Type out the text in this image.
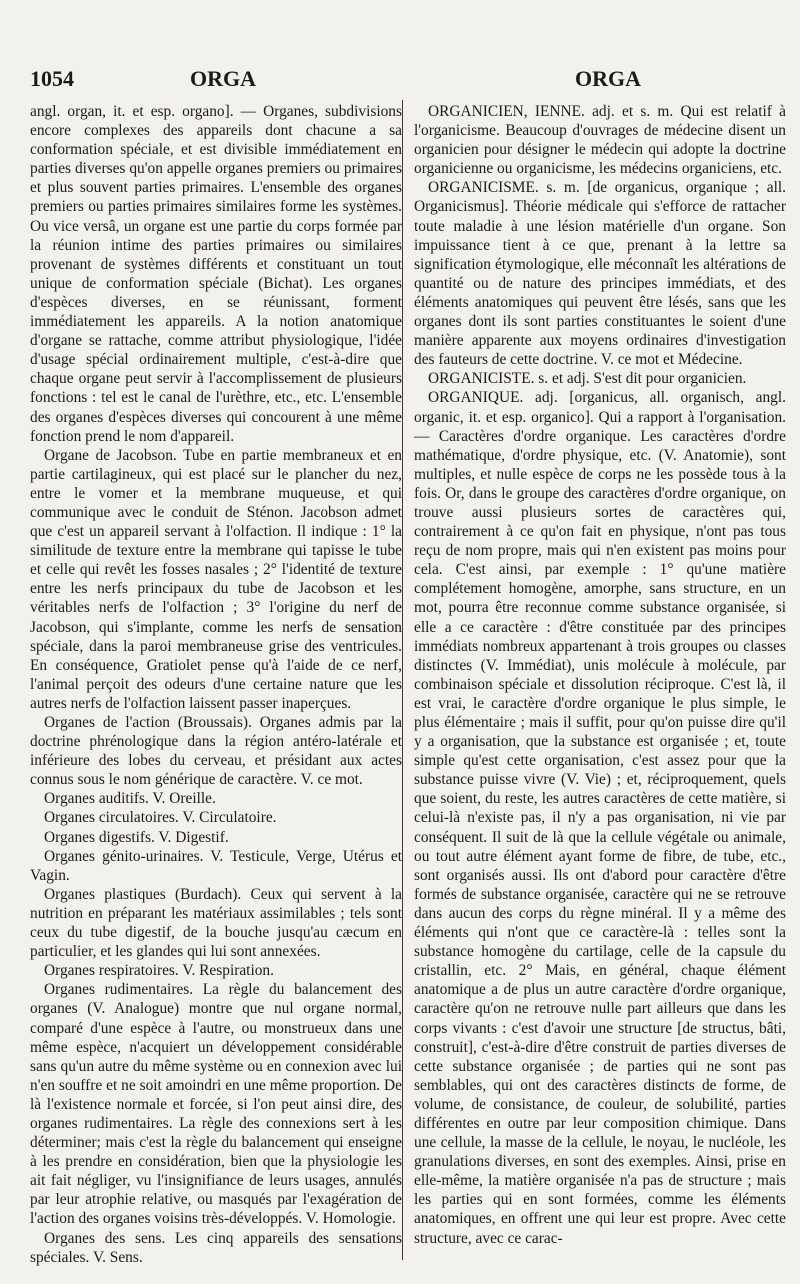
1054	ORGA	ORGA

angl. organ, it. et esp. organo]. — Organes, subdivisions encore complexes des appareils dont chacune a sa conformation spéciale, et est divisible immédiatement en parties diverses qu'on appelle organes premiers ou primaires et plus souvent parties primaires. L'ensemble des organes premiers ou parties primaires similaires forme les systèmes. Ou vice versâ, un organe est une partie du corps formée par la réunion intime des parties primaires ou similaires provenant de systèmes différents et constituant un tout unique de conformation spéciale (Bichat). Les organes d'espèces diverses, en se réunissant, forment immédiatement les appareils. A la notion anatomique d'organe se rattache, comme attribut physiologique, l'idée d'usage spécial ordinairement multiple, c'est-à-dire que chaque organe peut servir à l'accomplissement de plusieurs fonctions : tel est le canal de l'urèthre, etc., etc. L'ensemble des organes d'espèces diverses qui concourent à une même fonction prend le nom d'appareil.

Organe de Jacobson. Tube en partie membraneux et en partie cartilagineux, qui est placé sur le plancher du nez, entre le vomer et la membrane muqueuse, et qui communique avec le conduit de Sténon. Jacobson admet que c'est un appareil servant à l'olfaction. Il indique : 1° la similitude de texture entre la membrane qui tapisse le tube et celle qui revêt les fosses nasales ; 2° l'identité de texture entre les nerfs principaux du tube de Jacobson et les véritables nerfs de l'olfaction ; 3° l'origine du nerf de Jacobson, qui s'implante, comme les nerfs de sensation spéciale, dans la paroi membraneuse grise des ventricules. En conséquence, Gratiolet pense qu'à l'aide de ce nerf, l'animal perçoit des odeurs d'une certaine nature que les autres nerfs de l'olfaction laissent passer inaperçues.

Organes de l'action (Broussais). Organes admis par la doctrine phrénologique dans la région antéro-latérale et inférieure des lobes du cerveau, et présidant aux actes connus sous le nom générique de caractère. V. ce mot.

Organes auditifs. V. Oreille.

Organes circulatoires. V. Circulatoire.

Organes digestifs. V. Digestif.

Organes génito-urinaires. V. Testicule, Verge, Utérus et Vagin.

Organes plastiques (Burdach). Ceux qui servent à la nutrition en préparant les matériaux assimilables ; tels sont ceux du tube digestif, de la bouche jusqu'au cæcum en particulier, et les glandes qui lui sont annexées.

Organes respiratoires. V. Respiration.

Organes rudimentaires. La règle du balancement des organes (V. Analogue) montre que nul organe normal, comparé d'une espèce à l'autre, ou monstrueux dans une même espèce, n'acquiert un développement considérable sans qu'un autre du même système ou en connexion avec lui n'en souffre et ne soit amoindri en une même proportion. De là l'existence normale et forcée, si l'on peut ainsi dire, des organes rudimentaires. La règle des connexions sert à les déterminer; mais c'est la règle du balancement qui enseigne à les prendre en considération, bien que la physiologie les ait fait négliger, vu l'insignifiance de leurs usages, annulés par leur atrophie relative, ou masqués par l'exagération de l'action des organes voisins très-développés. V. Homologie.

Organes des sens. Les cinq appareils des sensations spéciales. V. Sens.

ORGANICIEN, IENNE. adj. et s. m. Qui est relatif à l'organicisme. Beaucoup d'ouvrages de médecine disent un organicien pour désigner le médecin qui adopte la doctrine organicienne ou organicisme, les médecins organiciens, etc.

ORGANICISME. s. m. [de organicus, organique ; all. Organicismus]. Théorie médicale qui s'efforce de rattacher toute maladie à une lésion matérielle d'un organe. Son impuissance tient à ce que, prenant à la lettre sa signification étymologique, elle méconnaît les altérations de quantité ou de nature des principes immédiats, et des éléments anatomiques qui peuvent être lésés, sans que les organes dont ils sont parties constituantes le soient d'une manière apparente aux moyens ordinaires d'investigation des fauteurs de cette doctrine. V. ce mot et Médecine.

ORGANICISTE. s. et adj. S'est dit pour organicien.

ORGANIQUE. adj. [organicus, all. organisch, angl. organic, it. et esp. organico]. Qui a rapport à l'organisation. — Caractères d'ordre organique. Les caractères d'ordre mathématique, d'ordre physique, etc. (V. Anatomie), sont multiples, et nulle espèce de corps ne les possède tous à la fois. Or, dans le groupe des caractères d'ordre organique, on trouve aussi plusieurs sortes de caractères qui, contrairement à ce qu'on fait en physique, n'ont pas tous reçu de nom propre, mais qui n'en existent pas moins pour cela. C'est ainsi, par exemple : 1° qu'une matière complétement homogène, amorphe, sans structure, en un mot, pourra être reconnue comme substance organisée, si elle a ce caractère : d'être constituée par des principes immédiats nombreux appartenant à trois groupes ou classes distinctes (V. Immédiat), unis molécule à molécule, par combinaison spéciale et dissolution réciproque. C'est là, il est vrai, le caractère d'ordre organique le plus simple, le plus élémentaire ; mais il suffit, pour qu'on puisse dire qu'il y a organisation, que la substance est organisée ; et, toute simple qu'est cette organisation, c'est assez pour que la substance puisse vivre (V. Vie) ; et, réciproquement, quels que soient, du reste, les autres caractères de cette matière, si celui-là n'existe pas, il n'y a pas organisation, ni vie par conséquent. Il suit de là que la cellule végétale ou animale, ou tout autre élément ayant forme de fibre, de tube, etc., sont organisés aussi. Ils ont d'abord pour caractère d'être formés de substance organisée, caractère qui ne se retrouve dans aucun des corps du règne minéral. Il y a même des éléments qui n'ont que ce caractère-là : telles sont la substance homogène du cartilage, celle de la capsule du cristallin, etc. 2° Mais, en général, chaque élément anatomique a de plus un autre caractère d'ordre organique, caractère qu'on ne retrouve nulle part ailleurs que dans les corps vivants : c'est d'avoir une structure [de structus, bâti, construit], c'est-à-dire d'être construit de parties diverses de cette substance organisée ; de parties qui ne sont pas semblables, qui ont des caractères distincts de forme, de volume, de consistance, de couleur, de solubilité, parties différentes en outre par leur composition chimique. Dans une cellule, la masse de la cellule, le noyau, le nucléole, les granulations diverses, en sont des exemples. Ainsi, prise en elle-même, la matière organisée n'a pas de structure ; mais les parties qui en sont formées, comme les éléments anatomiques, en offrent une qui leur est propre. Avec cette structure, avec ce carac-
